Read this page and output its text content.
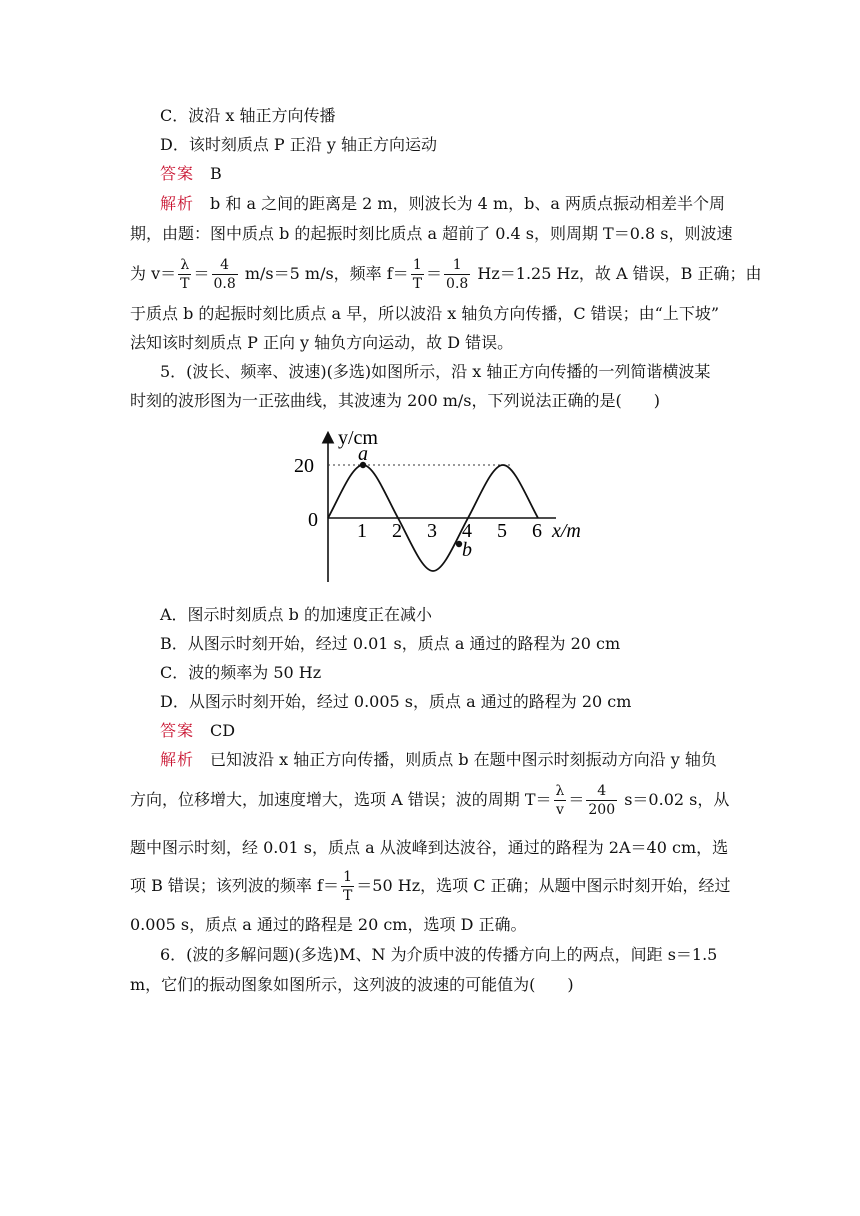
C．波沿 x 轴正方向传播
D．该时刻质点 P 正沿 y 轴正方向运动
答案　 B
解析　 b 和 a 之间的距离是 2 m，则波长为 4 m，b、a 两质点振动相差半个周
期，由题：图中质点 b 的起振时刻比质点 a 超前了 0.4 s，则周期 T＝0.8 s，则波速
为 $v= \frac{\lambda}{T} = \frac{4}{0.8} m/s=5$ m/s，频率 $f= \frac{1}{T} = \frac{1}{0.8} Hz=1.25$ Hz，故 A 错误，B 正确；由
于质点 b 的起振时刻比质点 a 早，所以波沿 x 轴负方向传播，C 错误；由“上下坡”
法知该时刻质点 P 正向 y 轴负方向运动，故 D 错误。
5．(波长、频率、波速)(多选)如图所示，沿 x 轴正方向传播的一列简谐横波某
时刻的波形图为一正弦曲线，其波速为 200 m/s，下列说法正确的是(　　)
y/cm
20
0
a
b
1 2 3 4 5 6 x/m
A．图示时刻质点 b 的加速度正在减小
B．从图示时刻开始，经过 0.01 s，质点 a 通过的路程为 20 cm
C．波的频率为 50 Hz
D．从图示时刻开始，经过 0.005 s，质点 a 通过的路程为 20 cm
答案　 CD
解析　 已知波沿 x 轴正方向传播，则质点 b 在题中图示时刻振动方向沿 y 轴负
方向，位移增大，加速度增大，选项 A 错误；波的周期 $T= \frac{\lambda}{v} = \frac{4}{200} s=0.02$ s，从
题中图示时刻，经 0.01 s，质点 a 从波峰到达波谷，通过的路程为 2A＝40 cm，选
项 B 错误；该列波的频率 $f= \frac{1}{T} =50$ Hz，选项 C 正确；从题中图示时刻开始，经过
0.005 s，质点 a 通过的路程是 20 cm，选项 D 正确。
6．(波的多解问题)(多选)M、N 为介质中波的传播方向上的两点，间距 s＝1.5
m，它们的振动图象如图所示，这列波的波速的可能值为(　　)
